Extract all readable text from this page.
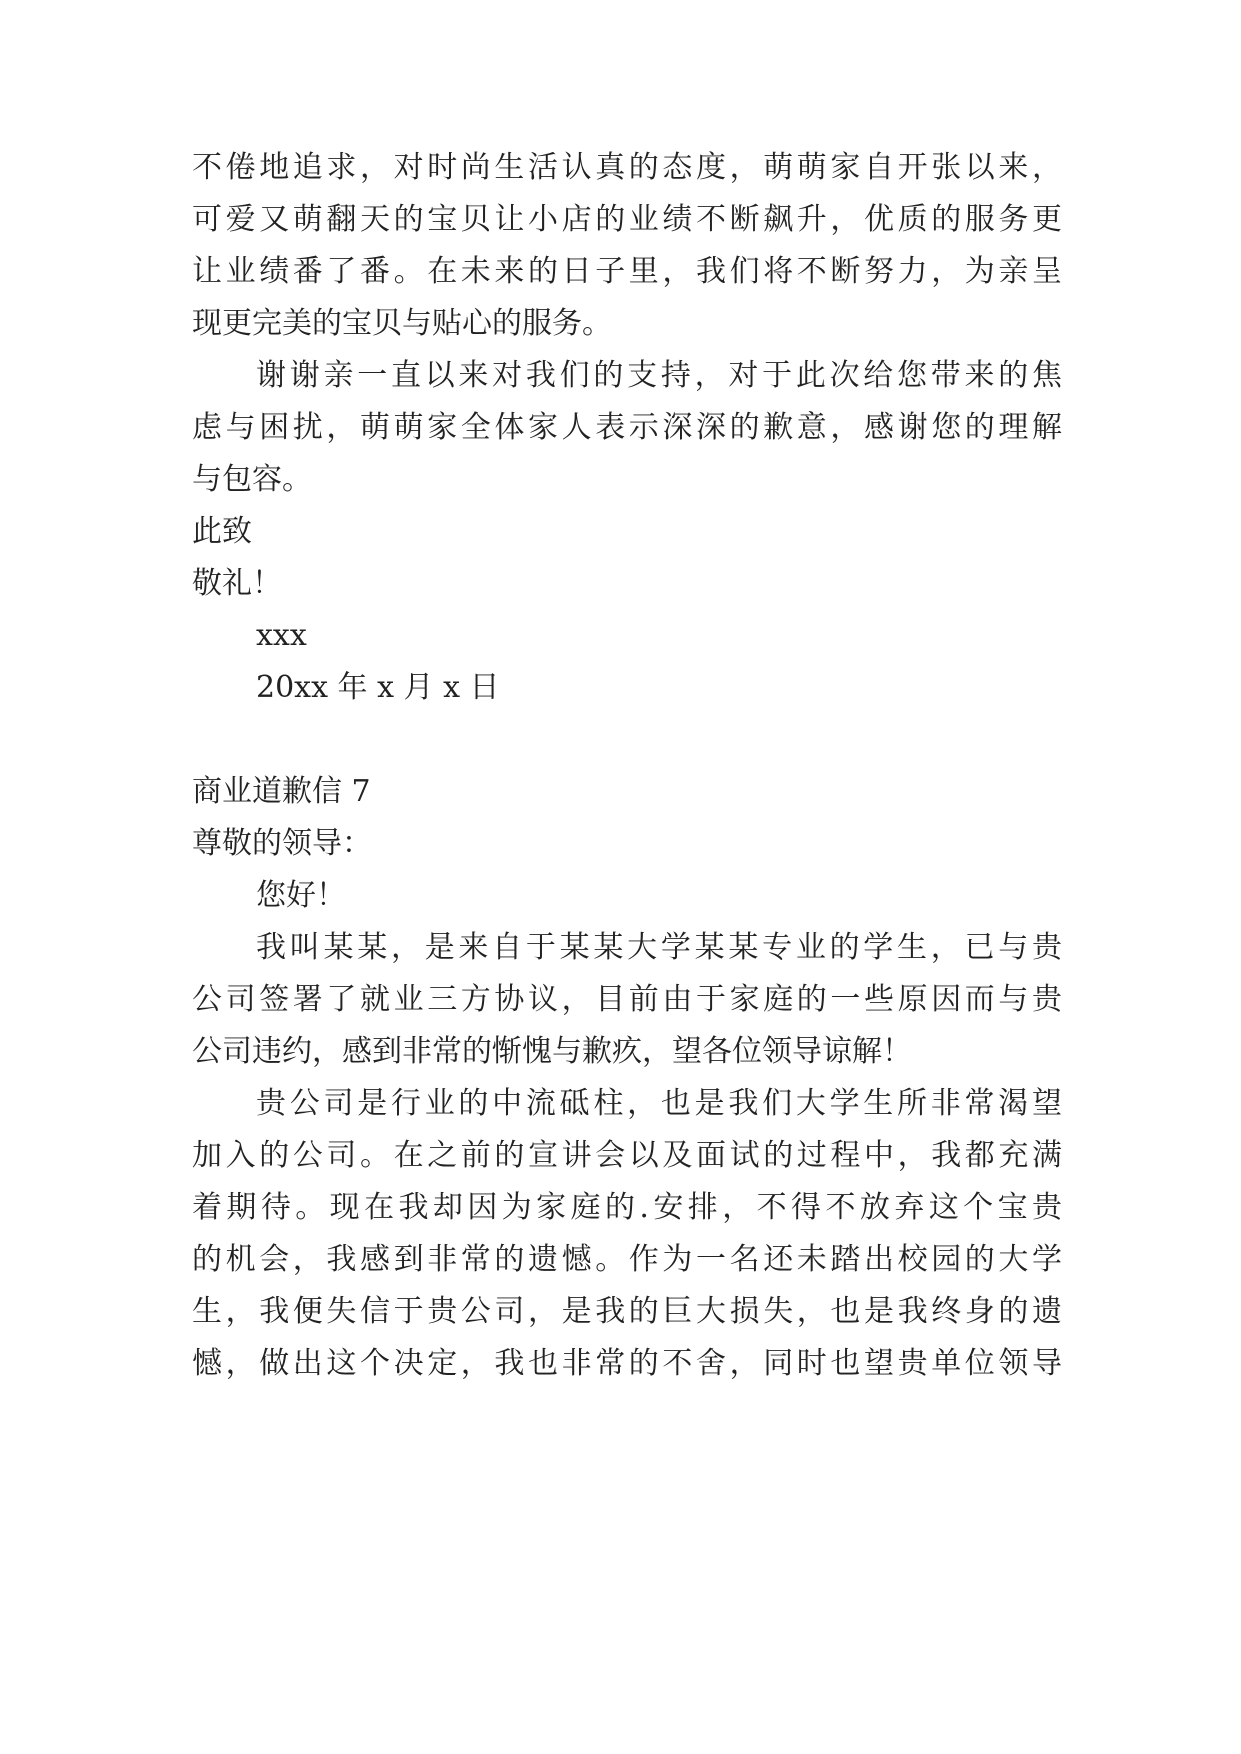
不倦地追求，对时尚生活认真的态度，萌萌家自开张以来，
可爱又萌翻天的宝贝让小店的业绩不断飙升，优质的服务更
让业绩番了番。在未来的日子里，我们将不断努力，为亲呈
现更完美的宝贝与贴心的服务。
谢谢亲一直以来对我们的支持，对于此次给您带来的焦
虑与困扰，萌萌家全体家人表示深深的歉意，感谢您的理解
与包容。
此致
敬礼！
xxx
20xx 年 x 月 x 日
商业道歉信 7
尊敬的领导：
您好！
我叫某某，是来自于某某大学某某专业的学生，已与贵
公司签署了就业三方协议，目前由于家庭的一些原因而与贵
公司违约，感到非常的惭愧与歉疚，望各位领导谅解！
贵公司是行业的中流砥柱，也是我们大学生所非常渴望
加入的公司。在之前的宣讲会以及面试的过程中，我都充满
着期待。现在我却因为家庭的.安排，不得不放弃这个宝贵
的机会，我感到非常的遗憾。作为一名还未踏出校园的大学
生，我便失信于贵公司，是我的巨大损失，也是我终身的遗
憾，做出这个决定，我也非常的不舍，同时也望贵单位领导
